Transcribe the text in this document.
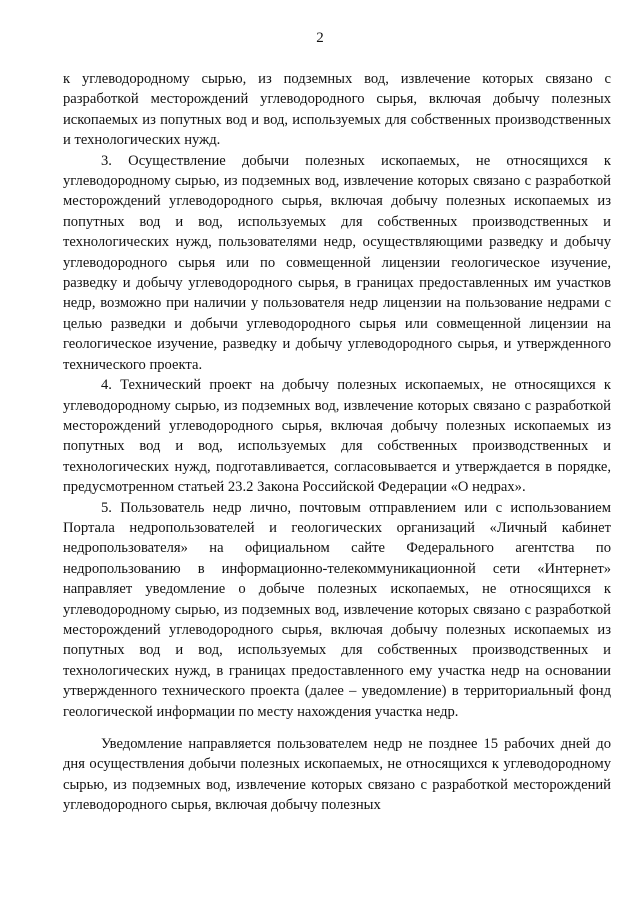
2

к углеводородному сырью, из подземных вод, извлечение которых связано с разработкой месторождений углеводородного сырья, включая добычу полезных ископаемых из попутных вод и вод, используемых для собственных производственных и технологических нужд.

3. Осуществление добычи полезных ископаемых, не относящихся к углеводородному сырью, из подземных вод, извлечение которых связано с разработкой месторождений углеводородного сырья, включая добычу полезных ископаемых из попутных вод и вод, используемых для собственных производственных и технологических нужд, пользователями недр, осуществляющими разведку и добычу углеводородного сырья или по совмещенной лицензии геологическое изучение, разведку и добычу углеводородного сырья, в границах предоставленных им участков недр, возможно при наличии у пользователя недр лицензии на пользование недрами с целью разведки и добычи углеводородного сырья или совмещенной лицензии на геологическое изучение, разведку и добычу углеводородного сырья, и утвержденного технического проекта.

4. Технический проект на добычу полезных ископаемых, не относящихся к углеводородному сырью, из подземных вод, извлечение которых связано с разработкой месторождений углеводородного сырья, включая добычу полезных ископаемых из попутных вод и вод, используемых для собственных производственных и технологических нужд, подготавливается, согласовывается и утверждается в порядке, предусмотренном статьей 23.2 Закона Российской Федерации «О недрах».

5. Пользователь недр лично, почтовым отправлением или с использованием Портала недропользователей и геологических организаций «Личный кабинет недропользователя» на официальном сайте Федерального агентства по недропользованию в информационно-телекоммуникационной сети «Интернет» направляет уведомление о добыче полезных ископаемых, не относящихся к углеводородному сырью, из подземных вод, извлечение которых связано с разработкой месторождений углеводородного сырья, включая добычу полезных ископаемых из попутных вод и вод, используемых для собственных производственных и технологических нужд, в границах предоставленного ему участка недр на основании утвержденного технического проекта (далее – уведомление) в территориальный фонд геологической информации по месту нахождения участка недр.

Уведомление направляется пользователем недр не позднее 15 рабочих дней до дня осуществления добычи полезных ископаемых, не относящихся к углеводородному сырью, из подземных вод, извлечение которых связано с разработкой месторождений углеводородного сырья, включая добычу полезных
